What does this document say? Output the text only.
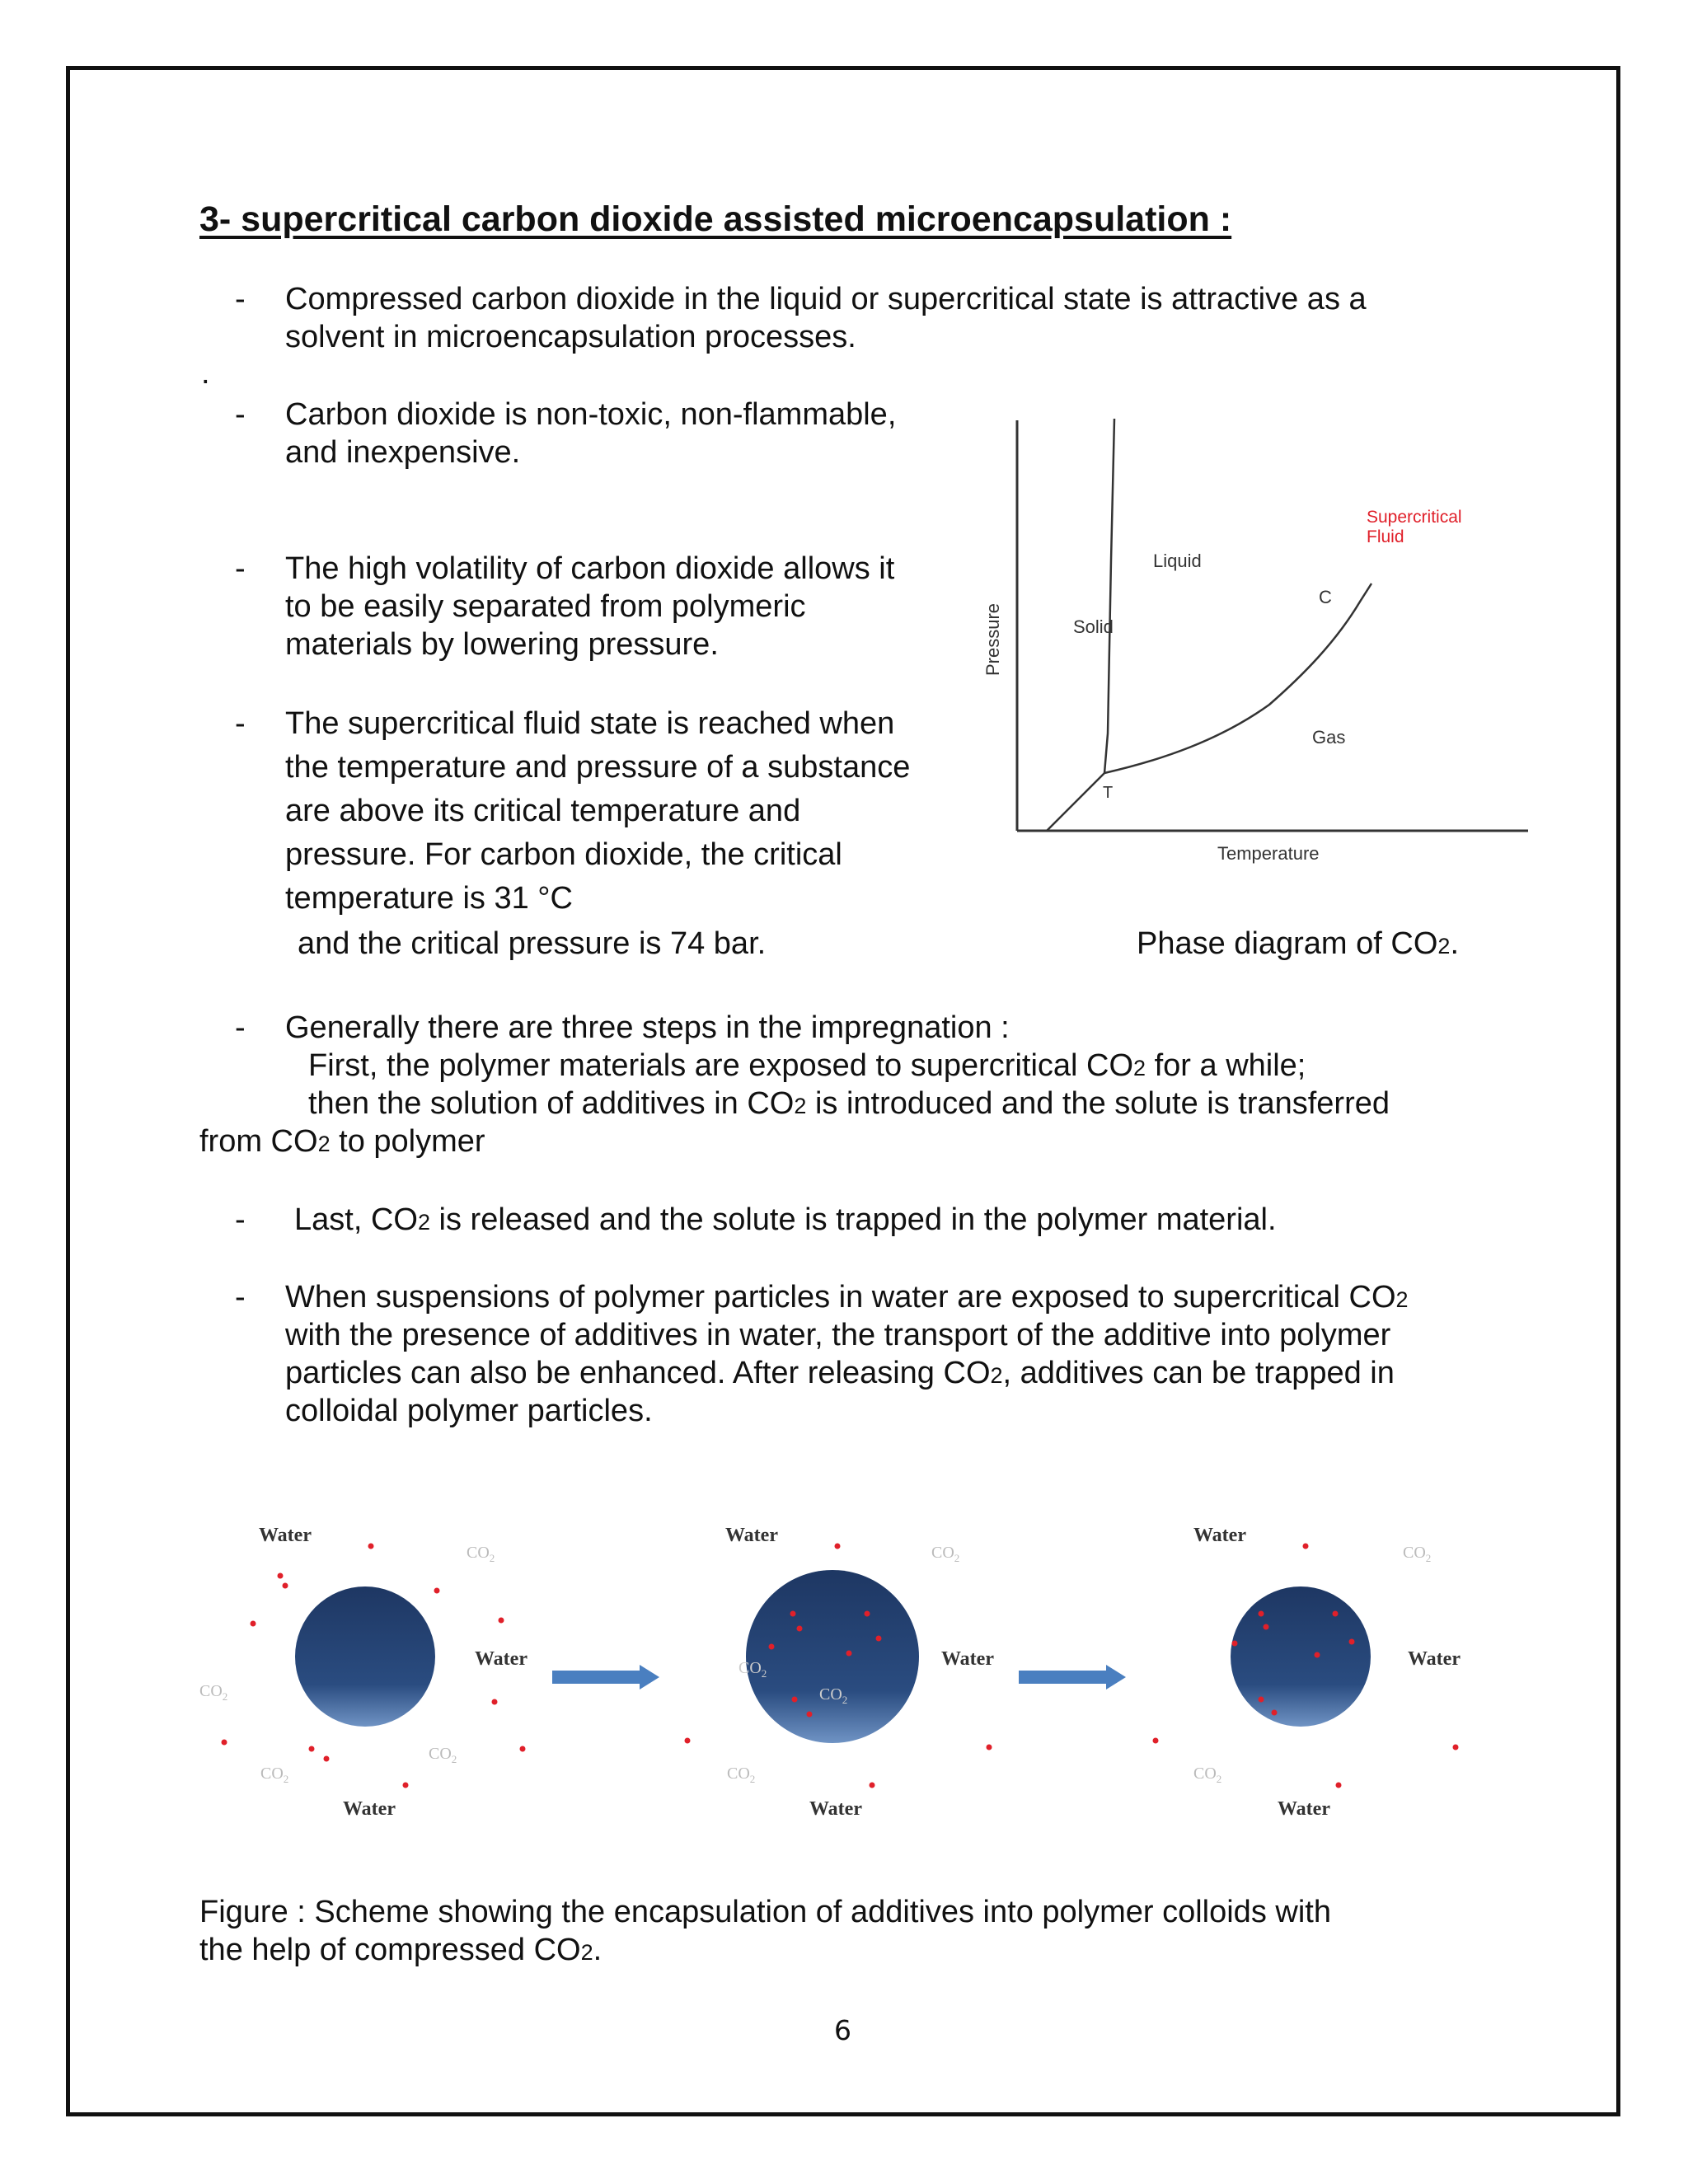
3- supercritical carbon dioxide assisted microencapsulation :
- Compressed carbon dioxide in the liquid or supercritical state is attractive as a
solvent in microencapsulation processes.
.
- Carbon dioxide is non-toxic, non-flammable,
and inexpensive.
- The high volatility of carbon dioxide allows it
to be easily separated from polymeric
materials by lowering pressure.
- The supercritical fluid state is reached when
the temperature and pressure of a substance
are above its critical temperature and
pressure. For carbon dioxide, the critical
temperature is 31 °C
and the critical pressure is 74 bar.
Solid
Liquid
Gas
C
T
Supercritical
Fluid
Temperature
Pressure
Phase diagram of CO2.
- Generally there are three steps in the impregnation :
First, the polymer materials are exposed to supercritical CO2 for a while;
then the solution of additives in CO2 is introduced and the solute is transferred
from CO2 to polymer
- Last, CO2 is released and the solute is trapped in the polymer material.
- When suspensions of polymer particles in water are exposed to supercritical CO2
with the presence of additives in water, the transport of the additive into polymer
particles can also be enhanced. After releasing CO2, additives can be trapped in
colloidal polymer particles.
Water
Water
Water
$CO_2$
$CO_2$
$CO_2$
$CO_2$
Water
Water
Water
$CO_2$
$CO_2$
$CO_2$
$CO_2$
Water
Water
Water
$CO_2$
$CO_2$
Figure : Scheme showing the encapsulation of additives into polymer colloids with
the help of compressed CO2.
6
